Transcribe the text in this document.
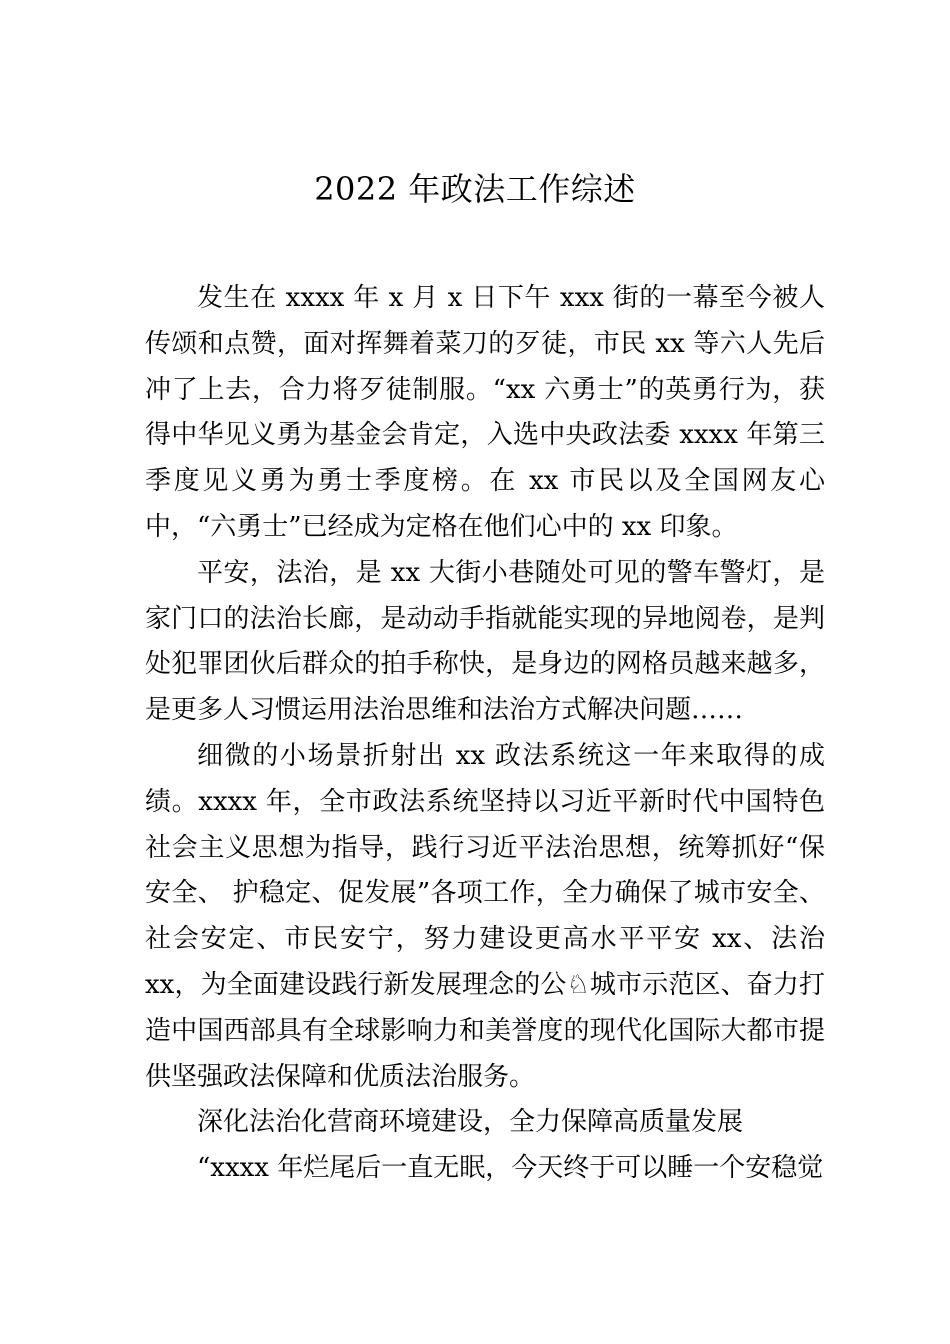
2022 年政法工作综述

发生在 xxxx 年 x 月 x 日下午 xxx 街的一幕至今被人传颂和点赞，面对挥舞着菜刀的歹徒，市民 xx 等六人先后冲了上去，合力将歹徒制服。“xx 六勇士”的英勇行为，获得中华见义勇为基金会肯定，入选中央政法委 xxxx 年第三季度见义勇为勇士季度榜。在 xx 市民以及全国网友心中，“六勇士”已经成为定格在他们心中的 xx 印象。

平安，法治，是 xx 大街小巷随处可见的警车警灯，是家门口的法治长廊，是动动手指就能实现的异地阅卷，是判处犯罪团伙后群众的拍手称快，是身边的网格员越来越多，是更多人习惯运用法治思维和法治方式解决问题……

细微的小场景折射出 xx 政法系统这一年来取得的成绩。xxxx 年，全市政法系统坚持以习近平新时代中国特色社会主义思想为指导，践行习近平法治思想，统筹抓好“保安全、 护稳定、促发展”各项工作，全力确保了城市安全、社会安定、市民安宁，努力建设更高水平平安 xx、法治 xx，为全面建设践行新发展理念的公♘城市示范区、奋力打造中国西部具有全球影响力和美誉度的现代化国际大都市提供坚强政法保障和优质法治服务。

深化法治化营商环境建设，全力保障高质量发展

“xxxx 年烂尾后一直无眠，今天终于可以睡一个安稳觉
